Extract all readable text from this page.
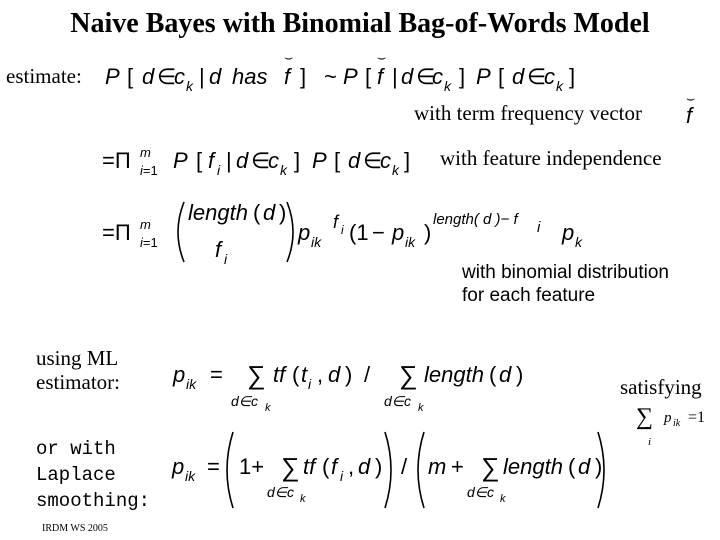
Naive Bayes with Binomial Bag-of-Words Model
estimate:
with term frequency vector
with feature independence
with binomial distribution
for each feature
using ML
estimator:
or with
Laplace
smoothing:
satisfying
IRDM WS 2005
P [ d ∈
c k | d has f
⌣
] ~ P [ f
⌣
| d ∈
c k ] P [ d ∈
c k ]
f
⌣
=Π m
i=1 P [ f i | d ∈
c k ] P [ d ∈
c k ]
=Π m
i=1
length ( d )
f i
p ik
f i (1 − p ik )
length( d )− f i p k
p ik = ∑
d∈c k
tf ( t i , d ) / ∑
d∈c k
length ( d )
∑
i
p ik =1
p ik = 1+ ∑
d∈c k
tf ( f i , d ) / m + ∑
d∈c k
length ( d )
